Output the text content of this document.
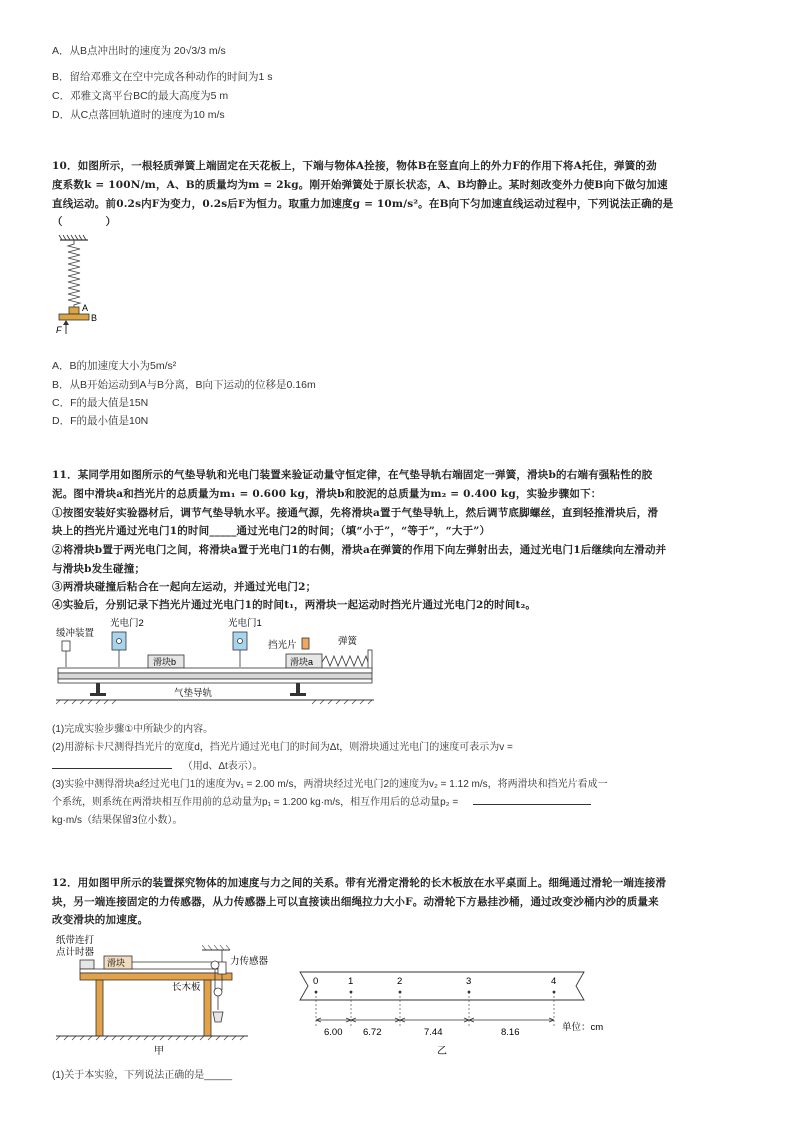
A．从B点冲出时的速度为 20√3/3 m/s
B．留给邓雅文在空中完成各种动作的时间为1 s
C．邓雅文离平台BC的最大高度为5 m
D．从C点落回轨道时的速度为10 m/s
10．如图所示，一根轻质弹簧上端固定在天花板上，下端与物体A拴接，物体B在竖直向上的外力F的作用下将A托住，弹簧的劲
度系数k = 100N/m，A、B的质量均为m = 2kg。刚开始弹簧处于原长状态，A、B均静止。某时刻改变外力使B向下做匀加速
直线运动。前0.2s内F为变力，0.2s后F为恒力。取重力加速度g = 10m/s²。在B向下匀加速直线运动过程中，下列说法正确的是
（　　　　）
A
B
F
A．B的加速度大小为5m/s²
B．从B开始运动到A与B分离，B向下运动的位移是0.16m
C．F的最大值是15N
D．F的最小值是10N
11．某同学用如图所示的气垫导轨和光电门装置来验证动量守恒定律，在气垫导轨右端固定一弹簧，滑块b的右端有强粘性的胶
泥。图中滑块a和挡光片的总质量为m₁ = 0.600 kg，滑块b和胶泥的总质量为m₂ = 0.400 kg，实验步骤如下：
①按图安装好实验器材后，调节气垫导轨水平。接通气源，先将滑块a置于气垫导轨上，然后调节底脚螺丝，直到轻推滑块后，滑
块上的挡光片通过光电门1的时间_____通过光电门2的时间；（填“小于”，“等于”，“大于”）
②将滑块b置于两光电门之间，将滑块a置于光电门1的右侧，滑块a在弹簧的作用下向左弹射出去，通过光电门1后继续向左滑动并
与滑块b发生碰撞；
③两滑块碰撞后粘合在一起向左运动，并通过光电门2；
④实验后，分别记录下挡光片通过光电门1的时间t₁，两滑块一起运动时挡光片通过光电门2的时间t₂。
缓冲装置
光电门2	光电门1
挡光片	弹簧
滑块b	滑块a
气垫导轨
(1)完成实验步骤①中所缺少的内容。
(2)用游标卡尺测得挡光片的宽度d，挡光片通过光电门的时间为Δt，则滑块通过光电门的速度可表示为v =
（用d、Δt表示）。
(3)实验中测得滑块a经过光电门1的速度为v₁ = 2.00 m/s，两滑块经过光电门2的速度为v₂ = 1.12 m/s，将两滑块和挡光片看成一
个系统，则系统在两滑块相互作用前的总动量为p₁ = 1.200 kg·m/s，相互作用后的总动量p₂ =
kg·m/s（结果保留3位小数）。
12．用如图甲所示的装置探究物体的加速度与力之间的关系。带有光滑定滑轮的长木板放在水平桌面上。细绳通过滑轮一端连接滑
块，另一端连接固定的力传感器，从力传感器上可以直接读出细绳拉力大小F。动滑轮下方悬挂沙桶，通过改变沙桶内沙的质量来
改变滑块的加速度。
纸带连打
点计时器
滑块	力传感器
长木板
甲
0	1	2	3	4
6.00 6.72	7.44	8.16	单位：cm
乙
(1)关于本实验，下列说法正确的是_____
